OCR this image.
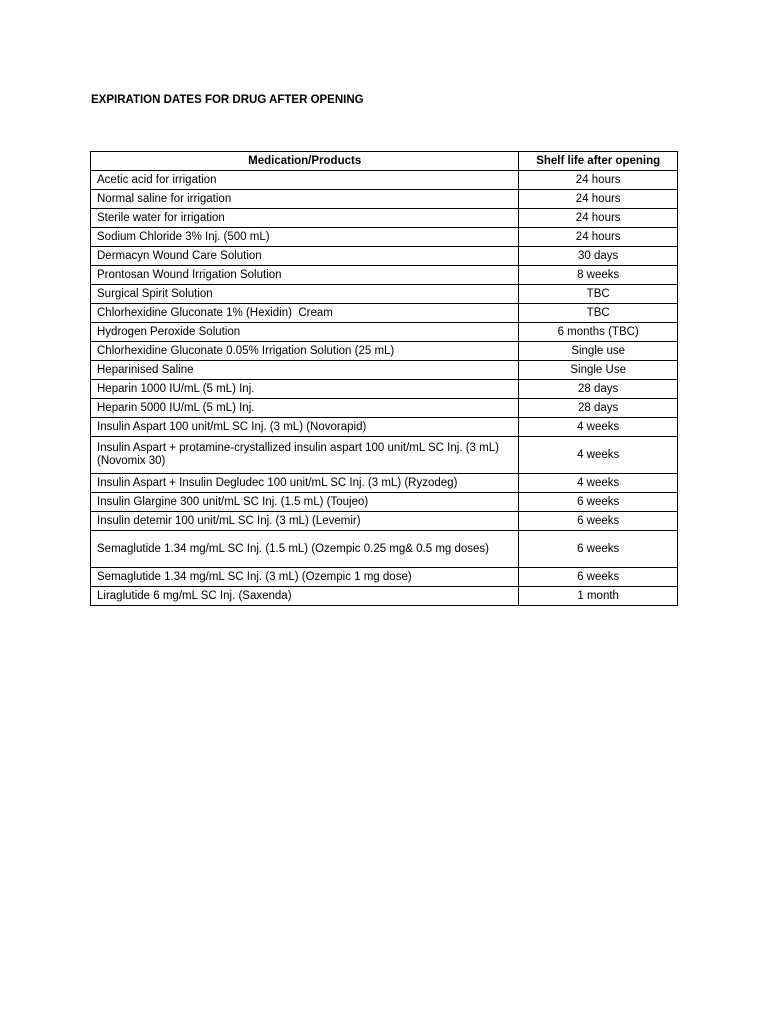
EXPIRATION DATES FOR DRUG AFTER OPENING
Medication/Products	Shelf life after opening
Acetic acid for irrigation	24 hours
Normal saline for irrigation	24 hours
Sterile water for irrigation	24 hours
Sodium Chloride 3% Inj. (500 mL)	24 hours
Dermacyn Wound Care Solution	30 days
Prontosan Wound Irrigation Solution	8 weeks
Surgical Spirit Solution	TBC
Chlorhexidine Gluconate 1% (Hexidin)  Cream	TBC
Hydrogen Peroxide Solution	6 months (TBC)
Chlorhexidine Gluconate 0.05% Irrigation Solution (25 mL)	Single use
Heparinised Saline	Single Use
Heparin 1000 IU/mL (5 mL) Inj.	28 days
Heparin 5000 IU/mL (5 mL) Inj.	28 days
Insulin Aspart 100 unit/mL SC Inj. (3 mL) (Novorapid)	4 weeks
Insulin Aspart + protamine-crystallized insulin aspart 100 unit/mL SC Inj. (3 mL) (Novomix 30)	4 weeks
Insulin Aspart + Insulin Degludec 100 unit/mL SC Inj. (3 mL) (Ryzodeg)	4 weeks
Insulin Glargine 300 unit/mL SC Inj. (1.5 mL) (Toujeo)	6 weeks
Insulin detemir 100 unit/mL SC Inj. (3 mL) (Levemir)	6 weeks
Semaglutide 1.34 mg/mL SC Inj. (1.5 mL) (Ozempic 0.25 mg& 0.5 mg doses)	6 weeks
Semaglutide 1.34 mg/mL SC Inj. (3 mL) (Ozempic 1 mg dose)	6 weeks
Liraglutide 6 mg/mL SC Inj. (Saxenda)	1 month
